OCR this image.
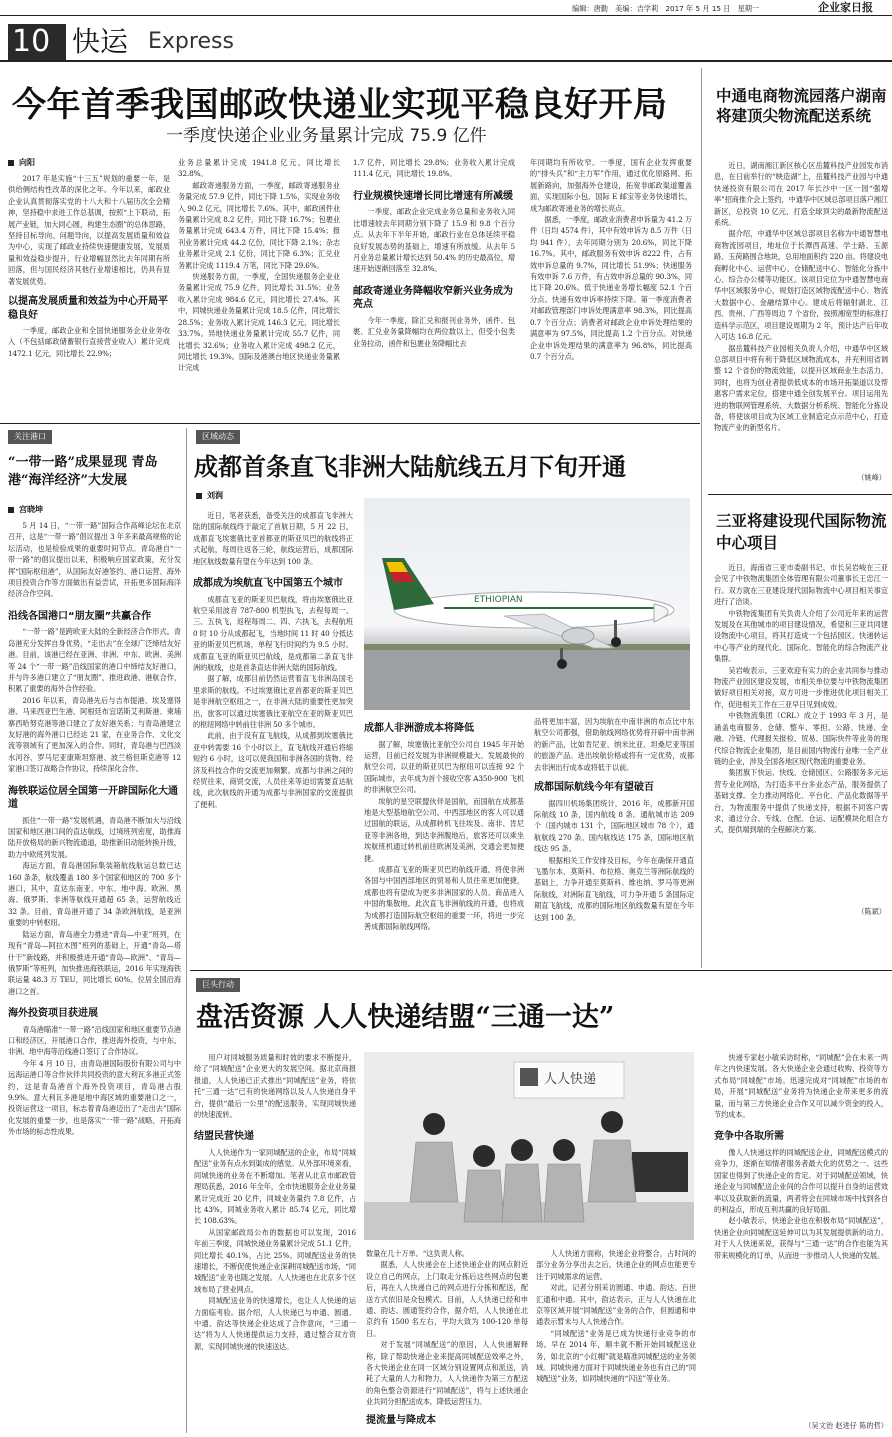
10 快运 Express
编辑：唐勤　美编：吉学莉　2017 年 5 月 15 日　星期一	企业家日报
今年首季我国邮政快递业实现平稳良好开局
一季度快递企业业务量累计完成 75.9 亿件
向阳

2017 年是实施“十三五”规划的重要一年，是供给侧结构性改革的深化之年。今年以来，邮政业企业认真贯彻落实党的十八大和十八届历次全会精神，坚持稳中求进工作总基调，按照“上下联动，拓展产业链，加大同心圆，构建生态圈”的总体思路，坚持目标导向、问题导向，以提高发展质量和效益为中心，实现了邮政业持续快速健康发展，发展质量和效益稳步提升，行业增幅显然比去年同期有所回落，但与国民经济其他行业增速相比，仍具有显著发展优势。

以提高发展质量和效益为中心开局平稳良好

一季度，邮政企业和全国快递服务企业业务收入（不包括邮政储蓄银行直接营业收入）累计完成 1472.1 亿元，同比增长 22.9%；

业务总量累计完成 1941.8 亿元，同比增长 32.8%。

邮政寄递服务方面，一季度，邮政寄递服务业务量完成 57.9 亿件，同比下降 1.5%，实现业务收入 90.2 亿元，同比增长 7.6%。其中，邮政函件业务量累计完成 8.2 亿件，同比下降 16.7%；包裹业务量累计完成 643.4 万件，同比下降 15.4%；报刊业务累计完成 44.2 亿份，同比下降 2.1%；杂志业务累计完成 2.1 亿份，同比下降 6.3%；汇兑业务累计完成 1119.4 万笔，同比下降 29.6%。

快递服务方面，一季度，全国快递服务企业业务量累计完成 75.9 亿件，同比增长 31.5%；业务收入累计完成 984.6 亿元，同比增长 27.4%。其中，同城快递业务量累计完成 18.5 亿件，同比增长 28.5%；业务收入累计完成 146.3 亿元，同比增长 33.7%。异地快递业务量累计完成 55.7 亿件，同比增长 32.6%；业务收入累计完成 498.2 亿元，同比增长 19.3%。国际及港澳台地区快递业务量累计完成

1.7 亿件，同比增长 29.8%；业务收入累计完成 111.4 亿元，同比增长 19.8%。

行业规模快速增长同比增速有所减缓

一季度，邮政企业完成业务总量和业务收入同比增速较去年同期分别下降了 15.9 和 9.8 个百分点。从去年下半年开始，邮政行业在总体延续平稳良好发展态势的基础上，增速有所放缓。从去年 5 月业务总量累计增长达到 50.4% 的历史最高位，增速开始逐渐回落至 32.8%。

邮政寄递业务降幅收窄新兴业务成为亮点

今年一季度，除汇兑和报刊业务外，函件、包裹、汇兑业务量降幅均在两位数以上，但受小包类业务拉动，函件和包裹业务降幅比去

年同期均有所收窄。一季度，国有企业发挥重要的“排头兵”和“主力军”作用，通过优化原路网、拓展新路向，加强海外仓建设，拓宽非邮政渠道覆盖面，实现国际小包、国际 E 邮宝等业务快速增长，成为邮政寄递业务的增长亮点。

据悉，一季度，邮政业消费者申诉量为 41.2 万件（日均 4574 件），其中有效申诉为 8.5 万件（日均 941 件），去年同期分别为 20.6%，同比下降 16.7%。其中，邮政服务有效申诉 8222 件，占有效申诉总量的 9.7%，同比增长 51.9%；快递服务有效申诉 7.6 万件，有占效申诉总量的 90.3%，同比下降 20.6%。低于快递业务增长幅度 52.1 个百分点。快递有效申诉率持续下降。第一季度消费者对邮政管理部门申诉处理满意率 98.3%，同比提高 0.7 个百分点；消费者对邮政企业申诉处理结果的满意率为 97.5%，同比提高 1.2 个百分点。对快递企业申诉处理结果的满意率为 96.8%，同比提高 0.7 个百分点。

中通电商物流园落户湖南 将建顶尖物流配送系统

近日，湖南湘江新区核心区岳麓科技产业园发布消息，在日前举行的“映造湖”上，岳麓科技产业园与中通快递投资有限公司在 2017 年长沙中一区一园“强增率”招商推介会上签约，中通华中区域总部项目落户湘江新区，总投资 10 亿元，打造全球顶尖的最新物流配送系统。

据介绍，中通华中区域总部项目名称为中通智慧电商物流园项目，地址位于长潭西高速、学士路、玉源路、玉荷路围合地块，总用地面积约 220 亩。将建设电商孵化中心、运营中心、仓储配送中心、智能化分拣中心、综合办公楼等功能区。该项目定位为中通智慧电商华中区域服务中心，规划打造区域物流配送中心、物流大数据中心、金融结算中心。建成后将辐射湖北、江西、贵州、广西等周边 7 个省份，按照湘宽型的标准打造科学示范区，项目建设周期为 2 年，预计达产后年收入可达 16.8 亿元。

据岳麓科技产业园相关负责人介绍，中通华中区域总部项目中将有利于降低区域物流成本，并充利用省调整 12 个省份的物流效能，以提升区域商业生态活力，同时，也将为创业者提供低成本的市场开拓渠道以及帮惠客户需求定位，搭建中通全创发展平台。项目运用先进的物联网管理系统、大数据分析系统、智能化分拣设备，将使该项目成为区域工业制造定点示范中心，打造物流产业的新型名片。

（姚峰）
三亚将建设现代国际物流中心项目

近日，海南省三亚市委副书记、市长吴岩峻在三亚会见了中铁物流集团全体管理有限公司董事长王忠江一行。双方就在三亚建设现代国际物流中心项目相关事宜进行了洽谈。

中铁物流集团有关负责人介绍了公司近年来的运营发展及在其他城市的项目建设情况，希望和三亚共同建设物流中心项目，将其打造成一个包括园区、快递转运中心等产业的现代化、国际化、智能化的综合物流产业集群。

吴岩峻表示，三亚欢迎有实力的企业共同参与推动物流产业园区建设发展，市相关单位要与中铁物流集团做好项目相关对接，双方可进一步推进优化项目相关工作，促进相关工作在三亚早日见到成效。

中铁物流集团（CRL）成立于 1993 年 3 月，是涵盖电商服务、仓储、整车、零担、公路、快递、金融、冷链、代理报关报检、贸易、国际快件等业务的现代综合物流企业集团，是目前国内物流行业唯一全产业链的企业，涉及全国各地区现代物流的重要业务。

集团旗下快运、快线、仓储园区、公路服务多元运营专业化网络，为打造多平台多业态产品，服务提供了基础支撑。全力推动网络化、平台化、产品化数据等平台，为物流服务中提供了快递支持，根据不同客户需求，通过分合、专线、仓配、仓运、运配模块化组合方式，提供端到端的全程解决方案。

（陈斌）
关注港口
“一带一路”成果显现 青岛港“海洋经济”大发展
宫晓坤

5 月 14 日，“一带一路”国际合作高峰论坛在北京召开，这是“一带一路”倡议提出 3 年多来最高规格的论坛活动，也是检验成果的重要时间节点。青岛港自“一带一路”的倡议提出以来，积极响应国家政策，充分发挥“国际枢纽港”，从国际友好港签约、港口运营、海外项目投资合作等方面做出有益尝试，开拓更多国际海洋经济合作空间。

沿线各国港口“朋友圈”共赢合作

“一带一路”是跨欧亚大陆的全新经济合作形式。青岛港充分发挥自身优势，“走出去”在全球广泛缔结友好港。目前，该港已经在亚洲、非洲、中东、欧洲、美洲等 24 个“一带一路”沿线国家的港口中缔结友好港口，并与许多港口建立了“朋友圈”，推进政港、港航合作，积累了重要的海外合作经验。

2016 年以来，青岛港先后与吉布提港、埃及塞得港、马来西亚巴生港、阿根廷布宜诺斯艾利斯港、柬埔寨西哈努克港等港口建立了友好港关系；与青岛港建立友好港的海外港口已经达 21 家，在业务合作、文化交流等领域有了更加深入的合作。同时，青岛港与巴西淡水河谷、罗马尼亚康斯坦察港、波兰格但斯克港等 12 家港口签订战略合作协议，持续深化合作。

海铁联运位居全国第一开辟国际化大通道

抓住“一带一路”发展机遇，青岛港不断加大与沿线国家和地区港口间的直达航线，过境班列密度，助推海陆开放格局的新兴物流通道，助推新旧动能转换升级，助力中欧班列发展。

海运方面，青岛港国际集装箱航线航运总数已达 160 条条，航线覆盖 180 多个国家和地区的 700 多个港口，其中，直达东南亚、中东、地中海、欧洲、黑海、俄罗斯、非洲等航线开通超 65 条，运营航线近 32 条。目前，青岛港开通了 34 条欧洲航线，是亚洲重要的中转枢纽。

陆运方面，青岛港全力推进“青岛—中亚”班列，在现有“青岛—阿拉木图”班列的基础上，开通“青岛—塔什干”新线路，并积极推进开通“青岛—欧洲”、“青岛—俄罗斯”等班列，加快推进海铁联运，2016 年实现海铁联运量 48.3 万 TEU，同比增长 60%。位居全国沿海港口之首。

海外投资项目获进展

青岛港瞄准“一带一路”沿线国家和地区重要节点港口和经济区，开展港口合作，推进海外投资，与中东、非洲、地中海等沿线港口签订了合作协议。

今年 4 月 10 日，由青岛港国际股份有限公司与中远海运港口等合作伙伴共同投资的意大利瓦多港正式签约，这是青岛港首个海外投资项目，青岛港占股 9.9%。意大利瓦多港是地中海区域的重要港口之一，投资运营这一项目，标志着青岛港迈出了“走出去”国际化发展的重要一步，也是落实“一带一路”战略、开拓海外市场的标志性成果。

区域动态
成都首条直飞非洲大陆航线五月下旬开通
刘润

近日，笔者获悉，备受关注的成都直飞非洲大陆的国际航线终于敲定了首航日期，5 月 22 日，成都直飞埃塞俄比亚首都亚的斯亚贝巴的航线将正式起航，每周往返各三轮，航线运营后，成都国际地区航线数量有望在今年达到 100 条。

成都成为埃航直飞中国第五个城市

成都直飞亚的斯亚贝巴航线，将由埃塞俄比亚航空采用波音 787-800 机型执飞，去程每周一、三、五执飞，返程每周二、四、六执飞，去程航班 0 时 10 分从成都起飞，当地时间 11 时 40 分抵达亚的斯亚贝巴机场，单程飞行时间约为 9.5 小时。成都直飞亚的斯亚贝巴航线，是成都第二条直飞非洲的航线，也是首条直达非洲大陆的国际航线。

据了解，成都目前仍然运营着直飞非洲岛国毛里求斯的航线。不过埃塞俄比亚首都亚的斯亚贝巴是非洲航空枢纽之一，在非洲大陆的重要性更加突出，旅客可以通过埃塞俄比亚航空在亚的斯亚贝巴的枢纽网络中转前往非洲 50 多个城市。

此前，由于没有直飞航线，从成都到埃塞俄比亚中转需要 16 个小时以上，直飞航线开通后将缩短约 6 小时，这可以使我国和非洲各国的货物、经济及科技合作的交流更加频繁。成都与非洲之间的经贸往来，商贸交流，人员往来等迫切需要直达航线，此次航线的开通为成都与非洲国家的交流提供了便利。

ETHIOPIAN
成都人非洲游成本将降低

据了解，埃塞俄比亚航空公司自 1945 年开始运营，目前已经发展为非洲规模最大、发展最快的航空公司，以亚的斯亚贝巴为枢纽可以连接 92 个国际城市，去年成为首个接收空客 A350-900 飞机的非洲航空公司。

埃航的星空联盟伙伴是国航，而国航在成都基地是大型基地航空公司。中西部地区的客人可以通过国航的联运，从成都转机飞往埃及、南非、肯尼亚等非洲各地，到达非洲腹地后，旅客还可以乘坐埃航班机通过转机前往欧洲及美洲，交通会更加便捷。

成都直飞亚的斯亚贝巴的航线开通，将使非洲各国与中国西部地区的贸易和人员往来更加便捷，成都也将有望成为更多非洲国家的人员、商品进入中国的集散地。此次直飞非洲航线的开通，也将成为成都打造国际航空枢纽的重要一环，将进一步完善成都国际航线网络。

品将更加丰富，因为埃航在中南非洲的布点比中东航空公司都强，借助航线网络优势将开辟中南非洲的新产品，比如肯尼亚、纳米比亚、坦桑尼亚等国的旅游产品。进出埃航价格或将有一定优势，成都去非洲出行成本或将低于以前。

成都国际航线今年有望破百

据四川机场集团统计，2016 年，成都新开国际航线 10 条，国内航线 8 条。通航城市达 209 个（国内城市 131 个，国际地区城市 78 个），通航航线 270 条。国内航线达 175 条，国际地区航线达 95 条。

根据相关工作安排及目标，今年在确保开通直飞墨尔本、莫斯科、布拉格、奥克兰等洲际航线的基础上，力争开通至莫斯科、维也纳、罗马等更洲际航线，对洲际直飞航线，可力争开通 5 条国际定期直飞航线，成都的国际地区航线数量有望在今年达到 100 条。

巨头行动
盘活资源 人人快递结盟“三通一达”

用户对同城服务质量和时效的要求不断提升，给了“同城配送”企业更大的发展空间。据北京商报报道，人人快递已正式推出“同城配送”业务，将依托“三通一达”已有的快递网络以及人人快递自身平台，提供“最后一公里”的配送服务，实现同城快递的快速流转。

结盟民营快递

人人快递作为一家同城配送的企业，布局“同城配送”业务有点水到渠成的感觉。从外部环境来看，同城快递的业务在不断增加。笔者从北京市邮政管理局获悉，2016 年全年，全市快递服务企业业务量累计完成近 20 亿件，同城业务量约 7.8 亿件，占比 43%，同城业务收入累计 85.74 亿元，同比增长 108.63%。

从国家邮政局公布的数据也可以发现，2016 年前三季度，同城快递业务量累计完成 51.1 亿件，同比增长 40.1%，占比 25%。同城配送业务的快速增长，不断促使快递企业深耕同城配送市场，“同城配送”业务也随之发展。人人快递也在北京多个区域布局了营业网点。

同城配送业务的快速增长，也让人人快递的运力面临考验。据介绍，人人快递已与申通、圆通、中通、韵达等快递企业达成了合作意向，“三通一达”将为人人快递提供运力支持，通过整合双方资源，实现同城快递的快速送达。

人人快递

数量在几十万单。“这负责人称。

据悉，人人快递会在上述快递企业的网点附近设立自己的网点，上门取走分拣后这些网点的包裹后，再在人人快递自己的网点进行分拣和配送，配送方式依旧是众包模式。目前，人人快递已经和申通、韵达、圆通签约合作，据介绍，人人快递在北京约有 1500 名左右，平均大致为 100-120 单每日。

对于发展“同城配送”的原因，人人快递解释称，除了帮助快递企业来提高同城配送效率之外，各大快递企业在同一区域分别设置网点和派送，消耗了大量的人力和物力，人人快递作为第三方配送的角色整合资源进行“同城配送”，将与上述快递企业共同分担配送成本，降低运营压力。

提流量与降成本

人人快递方面称，快递企业将整合，占时间的部分业务分享出去之后，快递企业的网点也能更专注于同城需求的运营。

对此，记者分别采访圆通、申通、韵达、百世汇通和中通。其中，韵达表示，正与人人快递在北京等区域开展“同城配送”业务的合作，但圆通和申通表示暂未与人人快递合作。

“同城配送”业务是已成为快递行业竞争的市场。早在 2014 年，顺丰就不断开始同城配送业务，如北京的“小红帽”就是瞄准同城配送的业务领域。同城快递方面对于同城快递业务也有自己的“同城配送”业务，如同城快递的“闪送”等业务。

快递专家赵小敏采访时称，“同城配”会在未来一两年之内快速发展。各大快递企业会通过收购、投资等方式布局“同城配”市场。迅速完成对“同城配”市场的布局，开展“同城配送”业务将为快递企业带来更多的流量，而与第三方快递企业合作又可以减少资金的投入，节约成本。

竞争中各取所需

像人人快递这样的同城配送企业，同城配送模式的竞争力，逐渐在知情者服务者最大化的优势之一。这些国家也得到了快递企业的肯定。对于同城配送领域，快递企业与同城配送企业间的合作可以提升自身的运营效率以及获取新的流量，两者将会在同城市场中找到各自的利益点，形成互利共赢的良好局面。

赵小敏表示，快递企业也在积极布局“同城配送”，快递企业向同城配送延伸可以为其发展提供新的动力。对于人人快递来说，获得与“三通一达”的合作也能为其带来规模化的订单，从而进一步推动人人快递的发展。

（吴文治 赵进仔 陈的哲）
